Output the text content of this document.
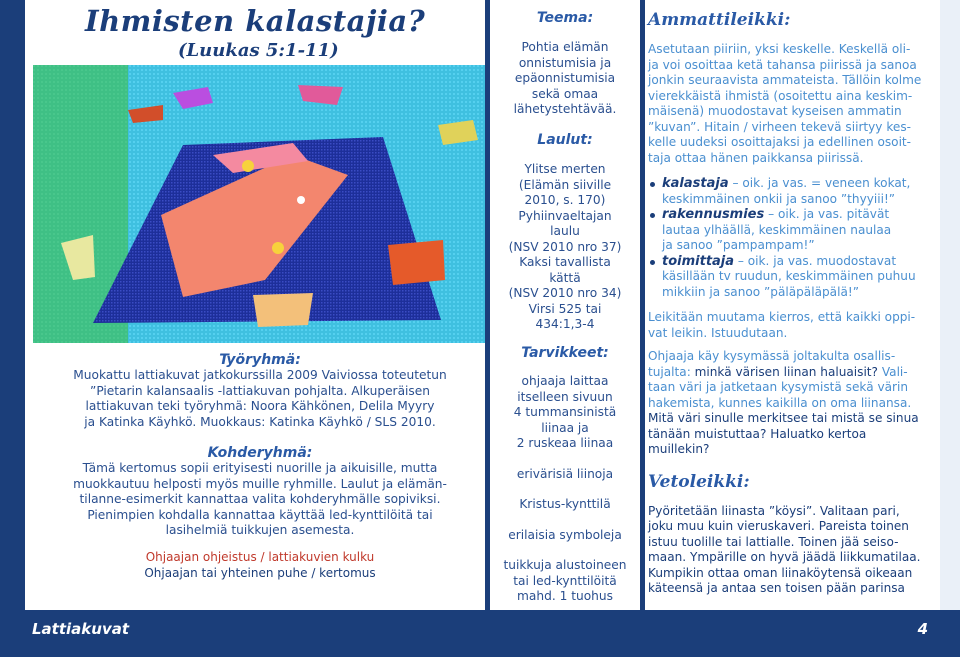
Lattiakuvat	4
Ihmisten kalastajia?
(Luukas 5:1-11)
Työryhmä:
Muokattu lattiakuvat jatkokurssilla 2009 Vaiviossa toteutetun
”Pietarin kalansaalis -lattiakuvan pohjalta. Alkuperäisen
lattiakuvan teki työryhmä: Noora Kähkönen, Delila Myyry
ja Katinka Käyhkö. Muokkaus: Katinka Käyhkö / SLS 2010.
Kohderyhmä:
Tämä kertomus sopii erityisesti nuorille ja aikuisille, mutta
muokkautuu helposti myös muille ryhmille. Laulut ja elämän-
tilanne-esimerkit kannattaa valita kohderyhmälle sopiviksi.
Pienimpien kohdalla kannattaa käyttää led-kynttilöitä tai
lasihelmiä tuikkujen asemesta.
Ohjaajan ohjeistus / lattiakuvien kulku
Ohjaajan tai yhteinen puhe / kertomus
Teema:
Pohtia elämän
onnistumisia ja
epäonnistumisia
sekä omaa
lähetystehtävää.
Laulut:
Ylitse merten
(Elämän siiville
2010, s. 170)
Pyhiinvaeltajan
laulu
(NSV 2010 nro 37)
Kaksi tavallista
kättä
(NSV 2010 nro 34)
Virsi 525 tai
434:1,3-4
Tarvikkeet:
ohjaaja laittaa
itselleen sivuun
4 tummansinistä
liinaa ja
2 ruskeaa liinaa
erivärisiä liinoja
Kristus-kynttilä
erilaisia symboleja
tuikkuja alustoineen
tai led-kynttilöitä
mahd. 1 tuohus
Ammattileikki:
Asetutaan piiriin, yksi keskelle. Keskellä oli-
ja voi osoittaa ketä tahansa piirissä ja sanoa
jonkin seuraavista ammateista. Tällöin kolme
vierekkäistä ihmistä (osoitettu aina keskim-
mäisenä) muodostavat kyseisen ammatin
”kuvan”. Hitain / virheen tekevä siirtyy kes-
kelle uudeksi osoittajaksi ja edellinen osoit-
taja ottaa hänen paikkansa piirissä.
kalastaja – oik. ja vas. = veneen kokat,
keskimmäinen onkii ja sanoo ”thyyiii!”
rakennusmies – oik. ja vas. pitävät
lautaa ylhäällä, keskimmäinen naulaa
ja sanoo ”pampampam!”
toimittaja – oik. ja vas. muodostavat
käsillään tv ruudun, keskimmäinen puhuu
mikkiin ja sanoo ”päläpäläpälä!”
Leikitään muutama kierros, että kaikki oppi-
vat leikin. Istuudutaan.
Ohjaaja käy kysymässä joltakulta osallis-
tujalta: minkä värisen liinan haluaisit? Vali-
taan väri ja jatketaan kysymistä sekä värin
hakemista, kunnes kaikilla on oma liinansa.
Mitä väri sinulle merkitsee tai mistä se sinua
tänään muistuttaa? Haluatko kertoa muillekin?
Vetoleikki:
Pyöritetään liinasta ”köysi”. Valitaan pari,
joku muu kuin vieruskaveri. Pareista toinen
istuu tuolille tai lattialle. Toinen jää seiso-
maan. Ympärille on hyvä jäädä liikkumatilaa.
Kumpikin ottaa oman liinaköytensä oikeaan
käteensä ja antaa sen toisen pään parinsa
